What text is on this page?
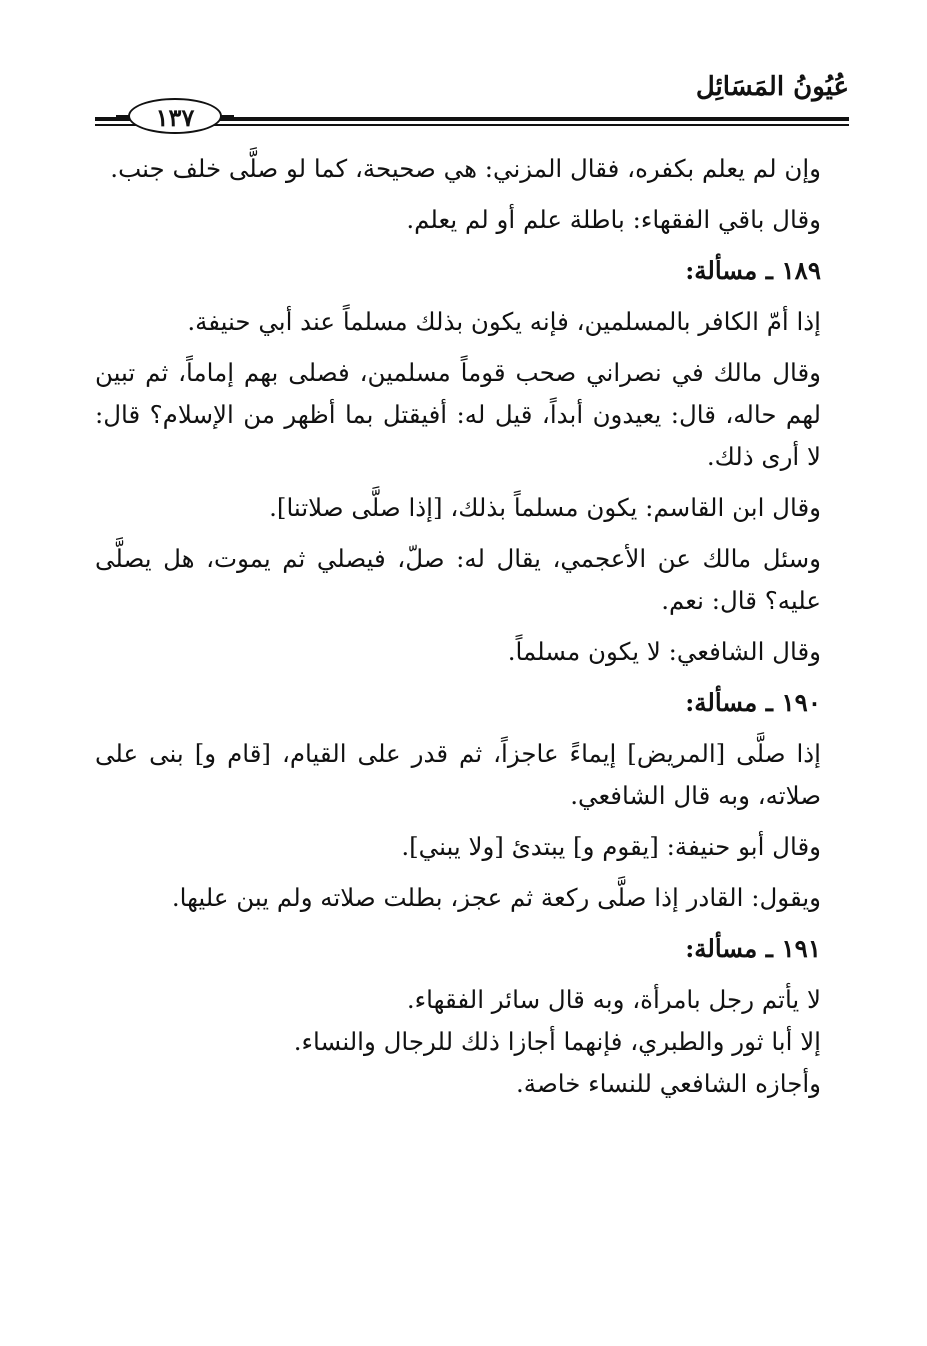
عُيُونُ المَسَائِل
١٣٧

وإن لم يعلم بكفره، فقال المزني: هي صحيحة، كما لو صلَّى خلف جنب.

وقال باقي الفقهاء: باطلة علم أو لم يعلم.

١٨٩ ـ مسألة:

إذا أمّ الكافر بالمسلمين، فإنه يكون بذلك مسلماً عند أبي حنيفة.

وقال مالك في نصراني صحب قوماً مسلمين، فصلى بهم إماماً، ثم تبين لهم حاله، قال: يعيدون أبداً، قيل له: أفيقتل بما أظهر من الإسلام؟ قال: لا أرى ذلك.

وقال ابن القاسم: يكون مسلماً بذلك، [إذا صلَّى صلاتنا].

وسئل مالك عن الأعجمي، يقال له: صلّ، فيصلي ثم يموت، هل يصلَّى عليه؟ قال: نعم.

وقال الشافعي: لا يكون مسلماً.

١٩٠ ـ مسألة:

إذا صلَّى [المريض] إيماءً عاجزاً، ثم قدر على القيام، [قام و] بنى على صلاته، وبه قال الشافعي.

وقال أبو حنيفة: [يقوم و] يبتدئ [ولا يبني].

ويقول: القادر إذا صلَّى ركعة ثم عجز، بطلت صلاته ولم يبن عليها.

١٩١ ـ مسألة:

لا يأتم رجل بامرأة، وبه قال سائر الفقهاء.

إلا أبا ثور والطبري، فإنهما أجازا ذلك للرجال والنساء.

وأجازه الشافعي للنساء خاصة.
